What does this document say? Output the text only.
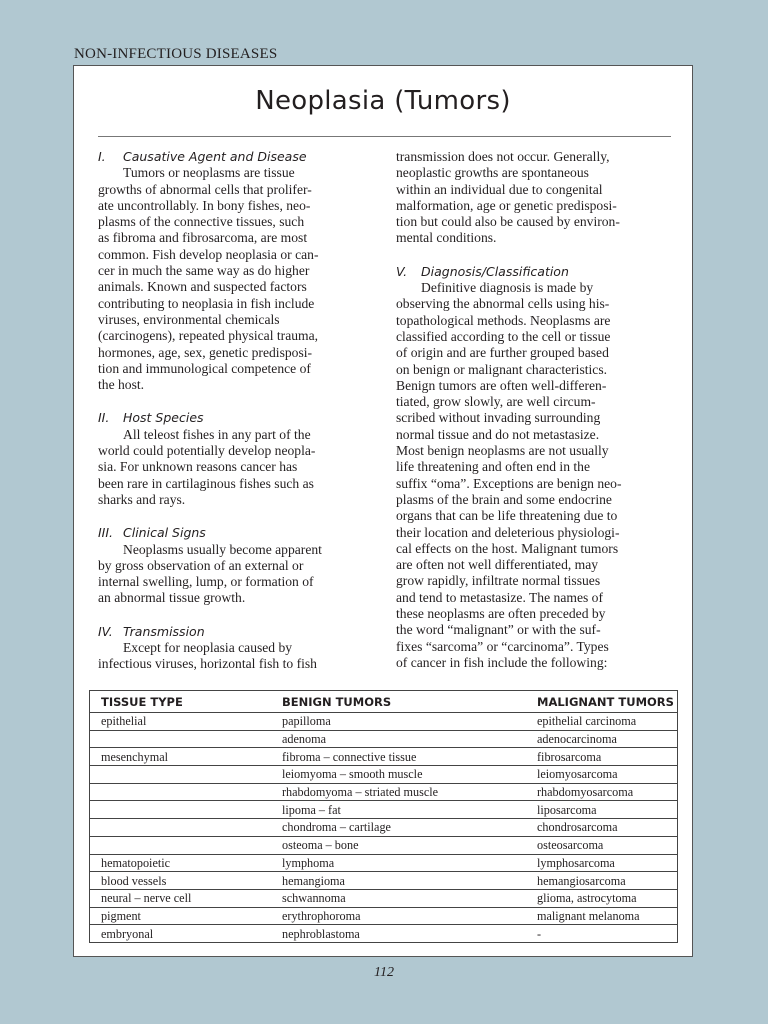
NON-INFECTIOUS DISEASES
Neoplasia (Tumors)
I. Causative Agent and Disease
Tumors or neoplasms are tissue
growths of abnormal cells that prolifer-
ate uncontrollably. In bony fishes, neo-
plasms of the connective tissues, such
as fibroma and fibrosarcoma, are most
common. Fish develop neoplasia or can-
cer in much the same way as do higher
animals. Known and suspected factors
contributing to neoplasia in fish include
viruses, environmental chemicals
(carcinogens), repeated physical trauma,
hormones, age, sex, genetic predisposi-
tion and immunological competence of
the host.
II. Host Species
All teleost fishes in any part of the
world could potentially develop neopla-
sia. For unknown reasons cancer has
been rare in cartilaginous fishes such as
sharks and rays.
III. Clinical Signs
Neoplasms usually become apparent
by gross observation of an external or
internal swelling, lump, or formation of
an abnormal tissue growth.
IV. Transmission
Except for neoplasia caused by
infectious viruses, horizontal fish to fish
transmission does not occur. Generally,
neoplastic growths are spontaneous
within an individual due to congenital
malformation, age or genetic predisposi-
tion but could also be caused by environ-
mental conditions.
V. Diagnosis/Classification
Definitive diagnosis is made by
observing the abnormal cells using his-
topathological methods. Neoplasms are
classified according to the cell or tissue
of origin and are further grouped based
on benign or malignant characteristics.
Benign tumors are often well-differen-
tiated, grow slowly, are well circum-
scribed without invading surrounding
normal tissue and do not metastasize.
Most benign neoplasms are not usually
life threatening and often end in the
suffix “oma”. Exceptions are benign neo-
plasms of the brain and some endocrine
organs that can be life threatening due to
their location and deleterious physiologi-
cal effects on the host. Malignant tumors
are often not well differentiated, may
grow rapidly, infiltrate normal tissues
and tend to metastasize. The names of
these neoplasms are often preceded by
the word “malignant” or with the suf-
fixes “sarcoma” or “carcinoma”. Types
of cancer in fish include the following:
TISSUE TYPE	BENIGN TUMORS	MALIGNANT TUMORS
epithelial	papilloma	epithelial carcinoma
	adenoma	adenocarcinoma
mesenchymal	fibroma – connective tissue	fibrosarcoma
	leiomyoma – smooth muscle	leiomyosarcoma
	rhabdomyoma – striated muscle	rhabdomyosarcoma
	lipoma – fat	liposarcoma
	chondroma – cartilage	chondrosarcoma
	osteoma – bone	osteosarcoma
hematopoietic	lymphoma	lymphosarcoma
blood vessels	hemangioma	hemangiosarcoma
neural – nerve cell	schwannoma	glioma, astrocytoma
pigment	erythrophoroma	malignant melanoma
embryonal	nephroblastoma	-
112
